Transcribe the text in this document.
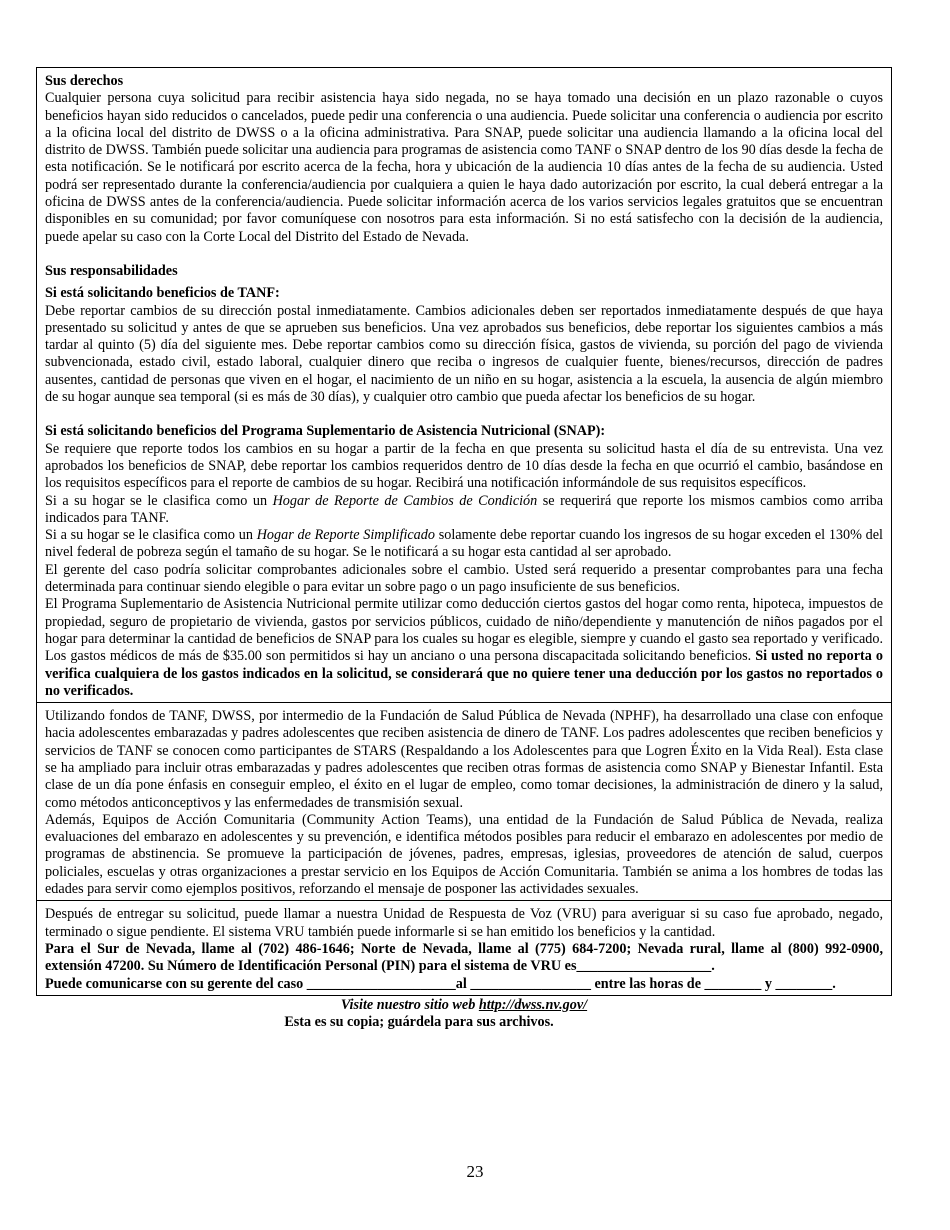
Sus derechos

Cualquier persona cuya solicitud para recibir asistencia haya sido negada, no se haya tomado una decisión en un plazo razonable o cuyos beneficios hayan sido reducidos o cancelados, puede pedir una conferencia o una audiencia. Puede solicitar una conferencia o audiencia por escrito a la oficina local del distrito de DWSS o a la oficina administrativa. Para SNAP, puede solicitar una audiencia llamando a la oficina local del distrito de DWSS. También puede solicitar una audiencia para programas de asistencia como TANF o SNAP dentro de los 90 días desde la fecha de esta notificación. Se le notificará por escrito acerca de la fecha, hora y ubicación de la audiencia 10 días antes de la fecha de su audiencia. Usted podrá ser representado durante la conferencia/audiencia por cualquiera a quien le haya dado autorización por escrito, la cual deberá entregar a la oficina de DWSS antes de la conferencia/audiencia. Puede solicitar información acerca de los varios servicios legales gratuitos que se encuentran disponibles en su comunidad; por favor comuníquese con nosotros para esta información. Si no está satisfecho con la decisión de la audiencia, puede apelar su caso con la Corte Local del Distrito del Estado de Nevada.

Sus responsabilidades

Si está solicitando beneficios de TANF:

Debe reportar cambios de su dirección postal inmediatamente. Cambios adicionales deben ser reportados inmediatamente después de que haya presentado su solicitud y antes de que se aprueben sus beneficios. Una vez aprobados sus beneficios, debe reportar los siguientes cambios a más tardar al quinto (5) día del siguiente mes. Debe reportar cambios como su dirección física, gastos de vivienda, su porción del pago de vivienda subvencionada, estado civil, estado laboral, cualquier dinero que reciba o ingresos de cualquier fuente, bienes/recursos, dirección de padres ausentes, cantidad de personas que viven en el hogar, el nacimiento de un niño en su hogar, asistencia a la escuela, la ausencia de algún miembro de su hogar aunque sea temporal (si es más de 30 días), y cualquier otro cambio que pueda afectar los beneficios de su hogar.

Si está solicitando beneficios del Programa Suplementario de Asistencia Nutricional (SNAP):

Se requiere que reporte todos los cambios en su hogar a partir de la fecha en que presenta su solicitud hasta el día de su entrevista. Una vez aprobados los beneficios de SNAP, debe reportar los cambios requeridos dentro de 10 días desde la fecha en que ocurrió el cambio, basándose en los requisitos específicos para el reporte de cambios de su hogar. Recibirá una notificación informándole de sus requisitos específicos.

Si a su hogar se le clasifica como un Hogar de Reporte de Cambios de Condición se requerirá que reporte los mismos cambios como arriba indicados para TANF.

Si a su hogar se le clasifica como un Hogar de Reporte Simplificado solamente debe reportar cuando los ingresos de su hogar exceden el 130% del nivel federal de pobreza según el tamaño de su hogar. Se le notificará a su hogar esta cantidad al ser aprobado.

El gerente del caso podría solicitar comprobantes adicionales sobre el cambio. Usted será requerido a presentar comprobantes para una fecha determinada para continuar siendo elegible o para evitar un sobre pago o un pago insuficiente de sus beneficios.

El Programa Suplementario de Asistencia Nutricional permite utilizar como deducción ciertos gastos del hogar como renta, hipoteca, impuestos de propiedad, seguro de propietario de vivienda, gastos por servicios públicos, cuidado de niño/dependiente y manutención de niños pagados por el hogar para determinar la cantidad de beneficios de SNAP para los cuales su hogar es elegible, siempre y cuando el gasto sea reportado y verificado. Los gastos médicos de más de $35.00 son permitidos si hay un anciano o una persona discapacitada solicitando beneficios. Si usted no reporta o verifica cualquiera de los gastos indicados en la solicitud, se considerará que no quiere tener una deducción por los gastos no reportados o no verificados.

Utilizando fondos de TANF, DWSS, por intermedio de la Fundación de Salud Pública de Nevada (NPHF), ha desarrollado una clase con enfoque hacia adolescentes embarazadas y padres adolescentes que reciben asistencia de dinero de TANF. Los padres adolescentes que reciben beneficios y servicios de TANF se conocen como participantes de STARS (Respaldando a los Adolescentes para que Logren Éxito en la Vida Real). Esta clase se ha ampliado para incluir otras embarazadas y padres adolescentes que reciben otras formas de asistencia como SNAP y Bienestar Infantil. Esta clase de un día pone énfasis en conseguir empleo, el éxito en el lugar de empleo, como tomar decisiones, la administración de dinero y la salud, como métodos anticonceptivos y las enfermedades de transmisión sexual.

Además, Equipos de Acción Comunitaria (Community Action Teams), una entidad de la Fundación de Salud Pública de Nevada, realiza evaluaciones del embarazo en adolescentes y su prevención, e identifica métodos posibles para reducir el embarazo en adolescentes por medio de programas de abstinencia. Se promueve la participación de jóvenes, padres, empresas, iglesias, proveedores de atención de salud, cuerpos policiales, escuelas y otras organizaciones a prestar servicio en los Equipos de Acción Comunitaria. También se anima a los hombres de todas las edades para servir como ejemplos positivos, reforzando el mensaje de posponer las actividades sexuales.

Después de entregar su solicitud, puede llamar a nuestra Unidad de Respuesta de Voz (VRU) para averiguar si su caso fue aprobado, negado, terminado o sigue pendiente. El sistema VRU también puede informarle si se han emitido los beneficios y la cantidad.

Para el Sur de Nevada, llame al (702) 486-1646; Norte de Nevada, llame al (775) 684-7200; Nevada rural, llame al (800) 992-0900, extensión 47200. Su Número de Identificación Personal (PIN) para el sistema de VRU es___________________.

Puede comunicarse con su gerente del caso _____________________al _________________ entre las horas de ________ y ________.

Visite nuestro sitio web http://dwss.nv.gov/
Esta es su copia; guárdela para sus archivos.
23
